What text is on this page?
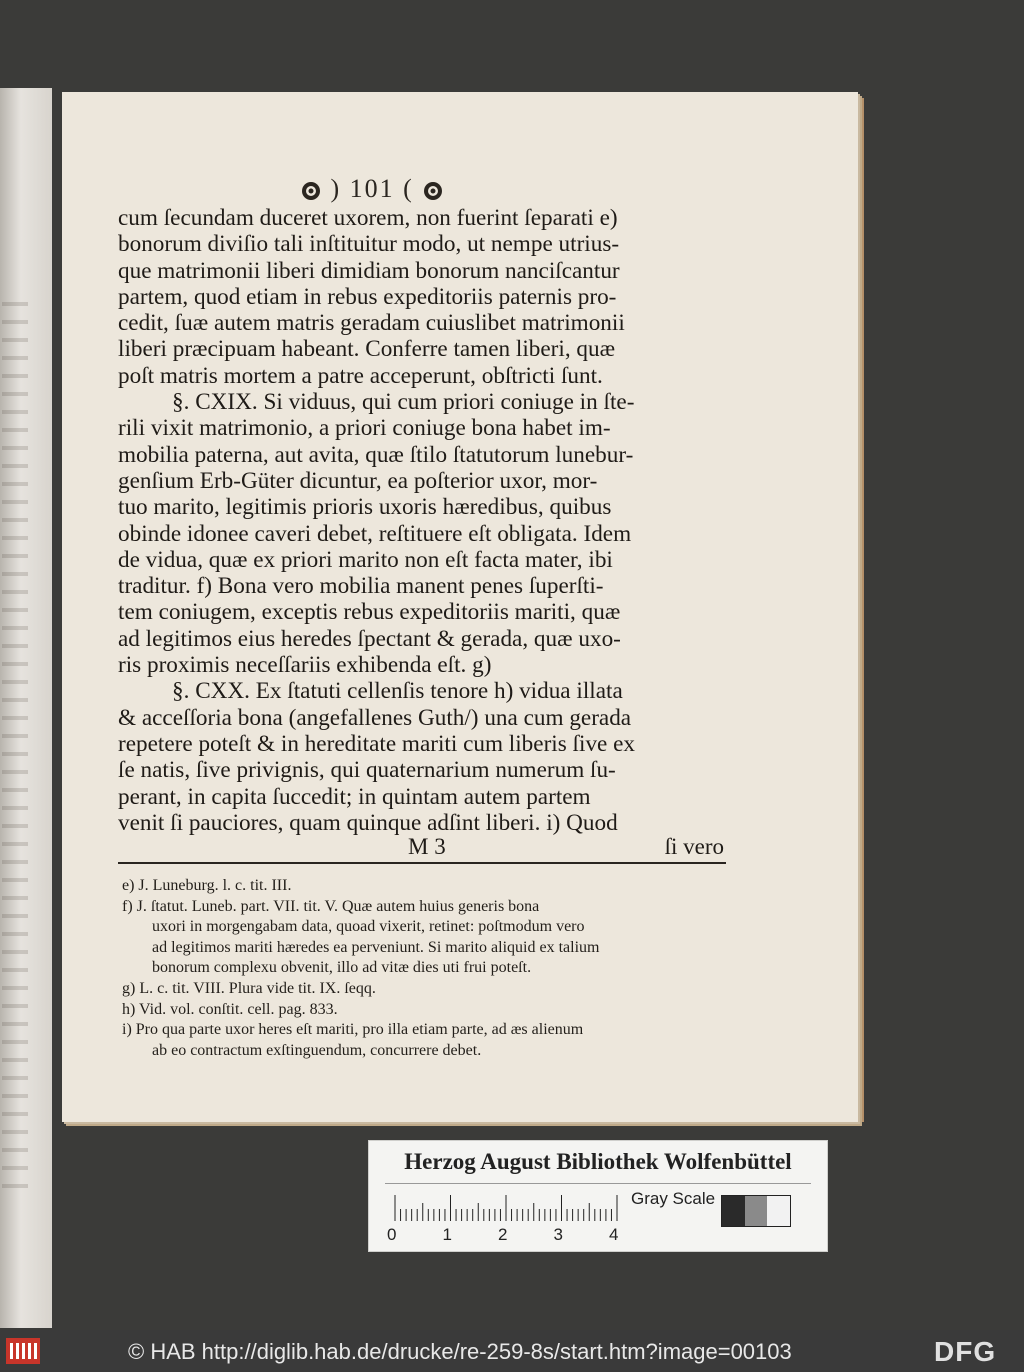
) 101 (
cum ſecundam duceret uxorem, non fuerint ſeparati e)
bonorum diviſio tali inſtituitur modo, ut nempe utrius-
que matrimonii liberi dimidiam bonorum nanciſcantur
partem, quod etiam in rebus expeditoriis paternis pro-
cedit, ſuæ autem matris geradam cuiuslibet matrimonii
liberi præcipuam habeant. Conferre tamen liberi, quæ
poſt matris mortem a patre acceperunt, obſtricti ſunt.
§. CXIX. Si viduus, qui cum priori coniuge in ſte-
rili vixit matrimonio, a priori coniuge bona habet im-
mobilia paterna, aut avita, quæ ſtilo ſtatutorum lunebur-
genſium Erb-Güter dicuntur, ea poſterior uxor, mor-
tuo marito, legitimis prioris uxoris hæredibus, quibus
obinde idonee caveri debet, reſtituere eſt obligata. Idem
de vidua, quæ ex priori marito non eſt facta mater, ibi
traditur. f) Bona vero mobilia manent penes ſuperſti-
tem coniugem, exceptis rebus expeditoriis mariti, quæ
ad legitimos eius heredes ſpectant & gerada, quæ uxo-
ris proximis neceſſariis exhibenda eſt. g)
§. CXX. Ex ſtatuti cellenſis tenore h) vidua illata
& acceſſoria bona (angefallenes Guth/) una cum gerada
repetere poteſt & in hereditate mariti cum liberis ſive ex
ſe natis, ſive privignis, qui quaternarium numerum ſu-
perant, in capita ſuccedit; in quintam autem partem
venit ſi pauciores, quam quinque adſint liberi. i) Quod
M 3	ſi vero
e) J. Luneburg. l. c. tit. III.
f) J. ſtatut. Luneb. part. VII. tit. V. Quæ autem huius generis bona
uxori in morgengabam data, quoad vixerit, retinet: poſtmodum vero
ad legitimos mariti hæredes ea perveniunt. Si marito aliquid ex talium
bonorum complexu obvenit, illo ad vitæ dies uti frui poteſt.
g) L. c. tit. VIII. Plura vide tit. IX. ſeqq.
h) Vid. vol. conſtit. cell. pag. 833.
i) Pro qua parte uxor heres eſt mariti, pro illa etiam parte, ad æs alienum
ab eo contractum exſtinguendum, concurrere debet.
Herzog August Bibliothek Wolfenbüttel
0	1	2	3	4
Gray Scale
© HAB http://diglib.hab.de/drucke/re-259-8s/start.htm?image=00103	DFG
